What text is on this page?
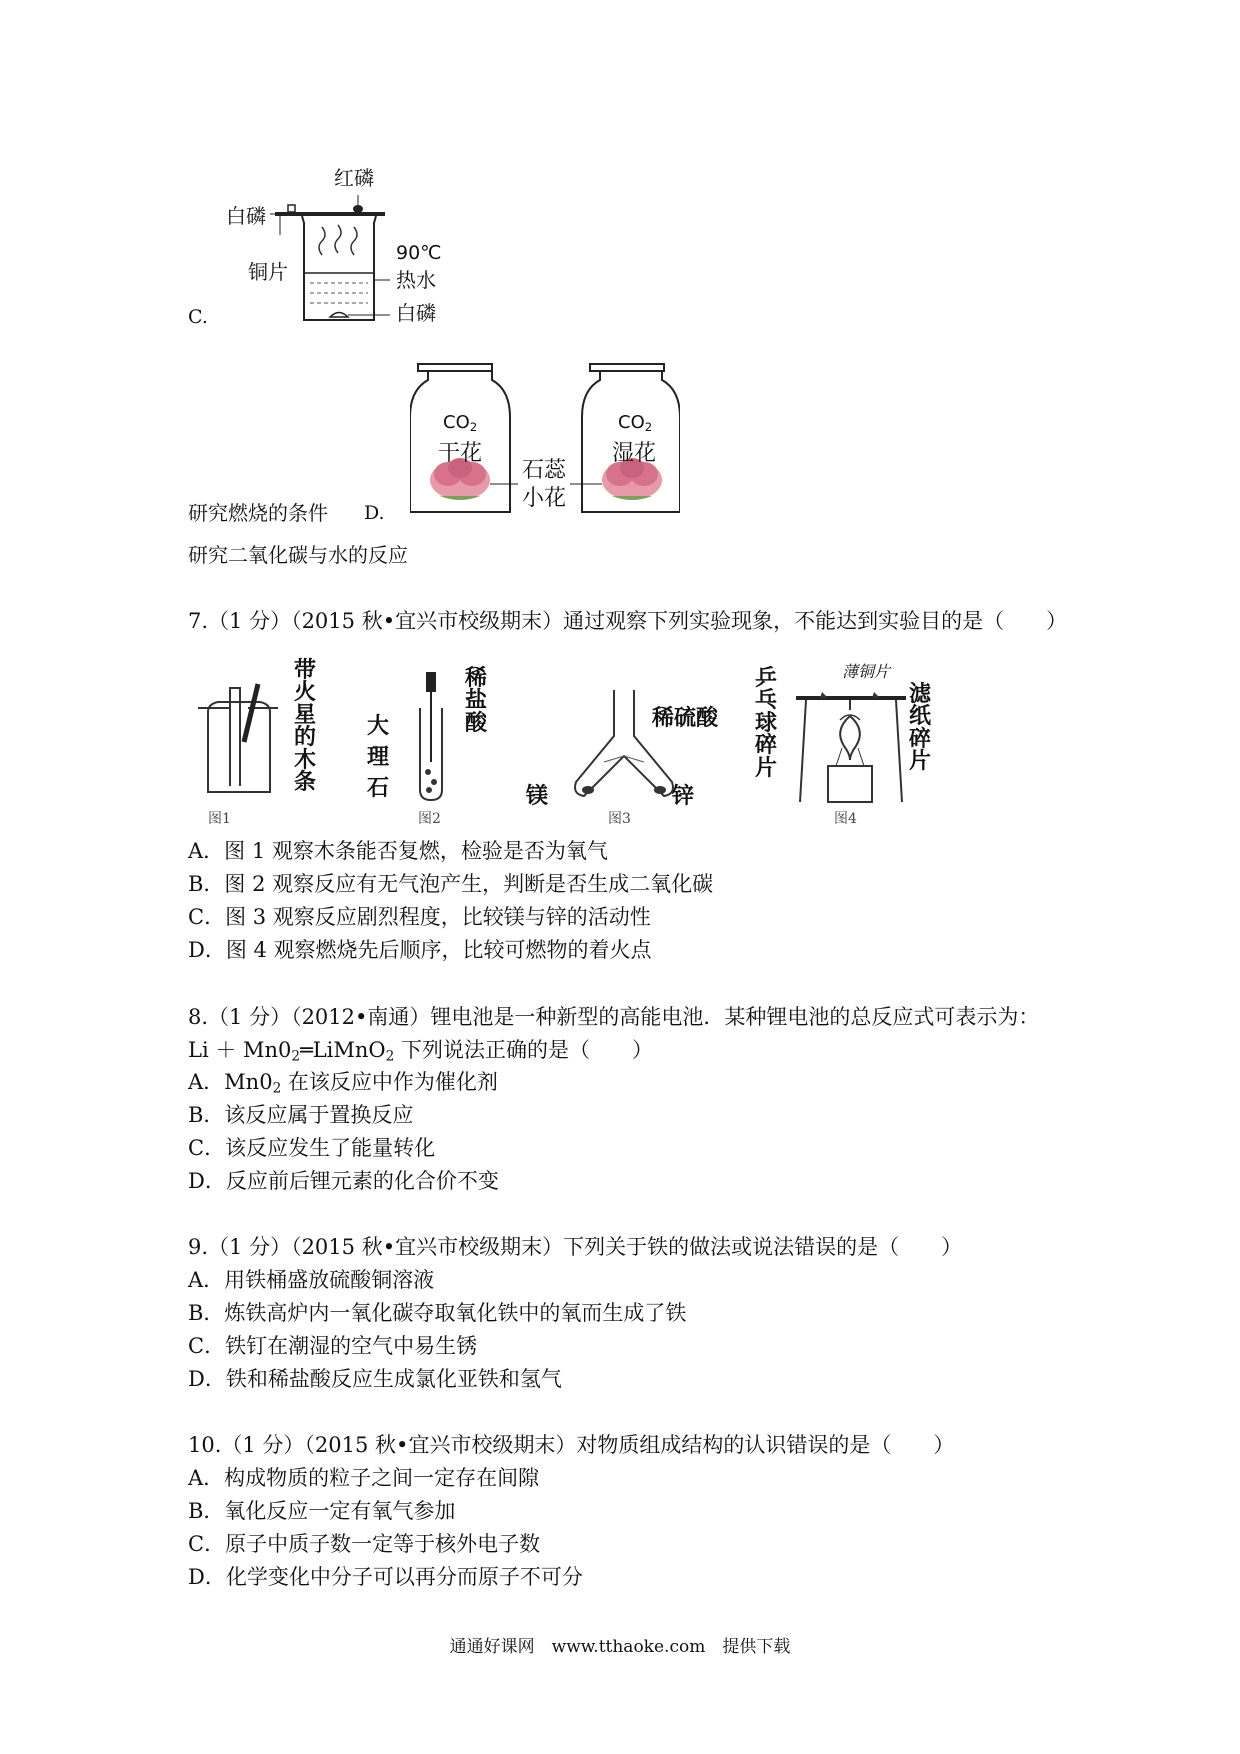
C.
红磷
白磷
铜片
90℃
热水
白磷
$CO_2$
干花
$CO_2$
湿花
石蕊
小花
研究燃烧的条件 D.
研究二氧化碳与水的反应
7.（1 分）（2015 秋•宜兴市校级期末）通过观察下列实验现象，不能达到实验目的是（　　）
带火星的木条
图1
大理石
稀盐酸
图2
稀硫酸
镁	锌
图3
薄铜片
乒乓球碎片
滤纸碎片
图4
A．图 1 观察木条能否复燃，检验是否为氧气
B．图 2 观察反应有无气泡产生，判断是否生成二氧化碳
C．图 3 观察反应剧烈程度，比较镁与锌的活动性
D．图 4 观察燃烧先后顺序，比较可燃物的着火点
8.（1 分）（2012•南通）锂电池是一种新型的高能电池．某种锂电池的总反应式可表示为：
$Li + Mn0_2═LiMnO_2$ 下列说法正确的是（　　）
A．$Mn0_2$ 在该反应中作为催化剂
B．该反应属于置换反应
C．该反应发生了能量转化
D．反应前后锂元素的化合价不变
9.（1 分）（2015 秋•宜兴市校级期末）下列关于铁的做法或说法错误的是（　　）
A．用铁桶盛放硫酸铜溶液
B．炼铁高炉内一氧化碳夺取氧化铁中的氧而生成了铁
C．铁钉在潮湿的空气中易生锈
D．铁和稀盐酸反应生成氯化亚铁和氢气
10.（1 分）（2015 秋•宜兴市校级期末）对物质组成结构的认识错误的是（　　）
A．构成物质的粒子之间一定存在间隙
B．氧化反应一定有氧气参加
C．原子中质子数一定等于核外电子数
D．化学变化中分子可以再分而原子不可分
通通好课网　www.tthaoke.com　提供下载
